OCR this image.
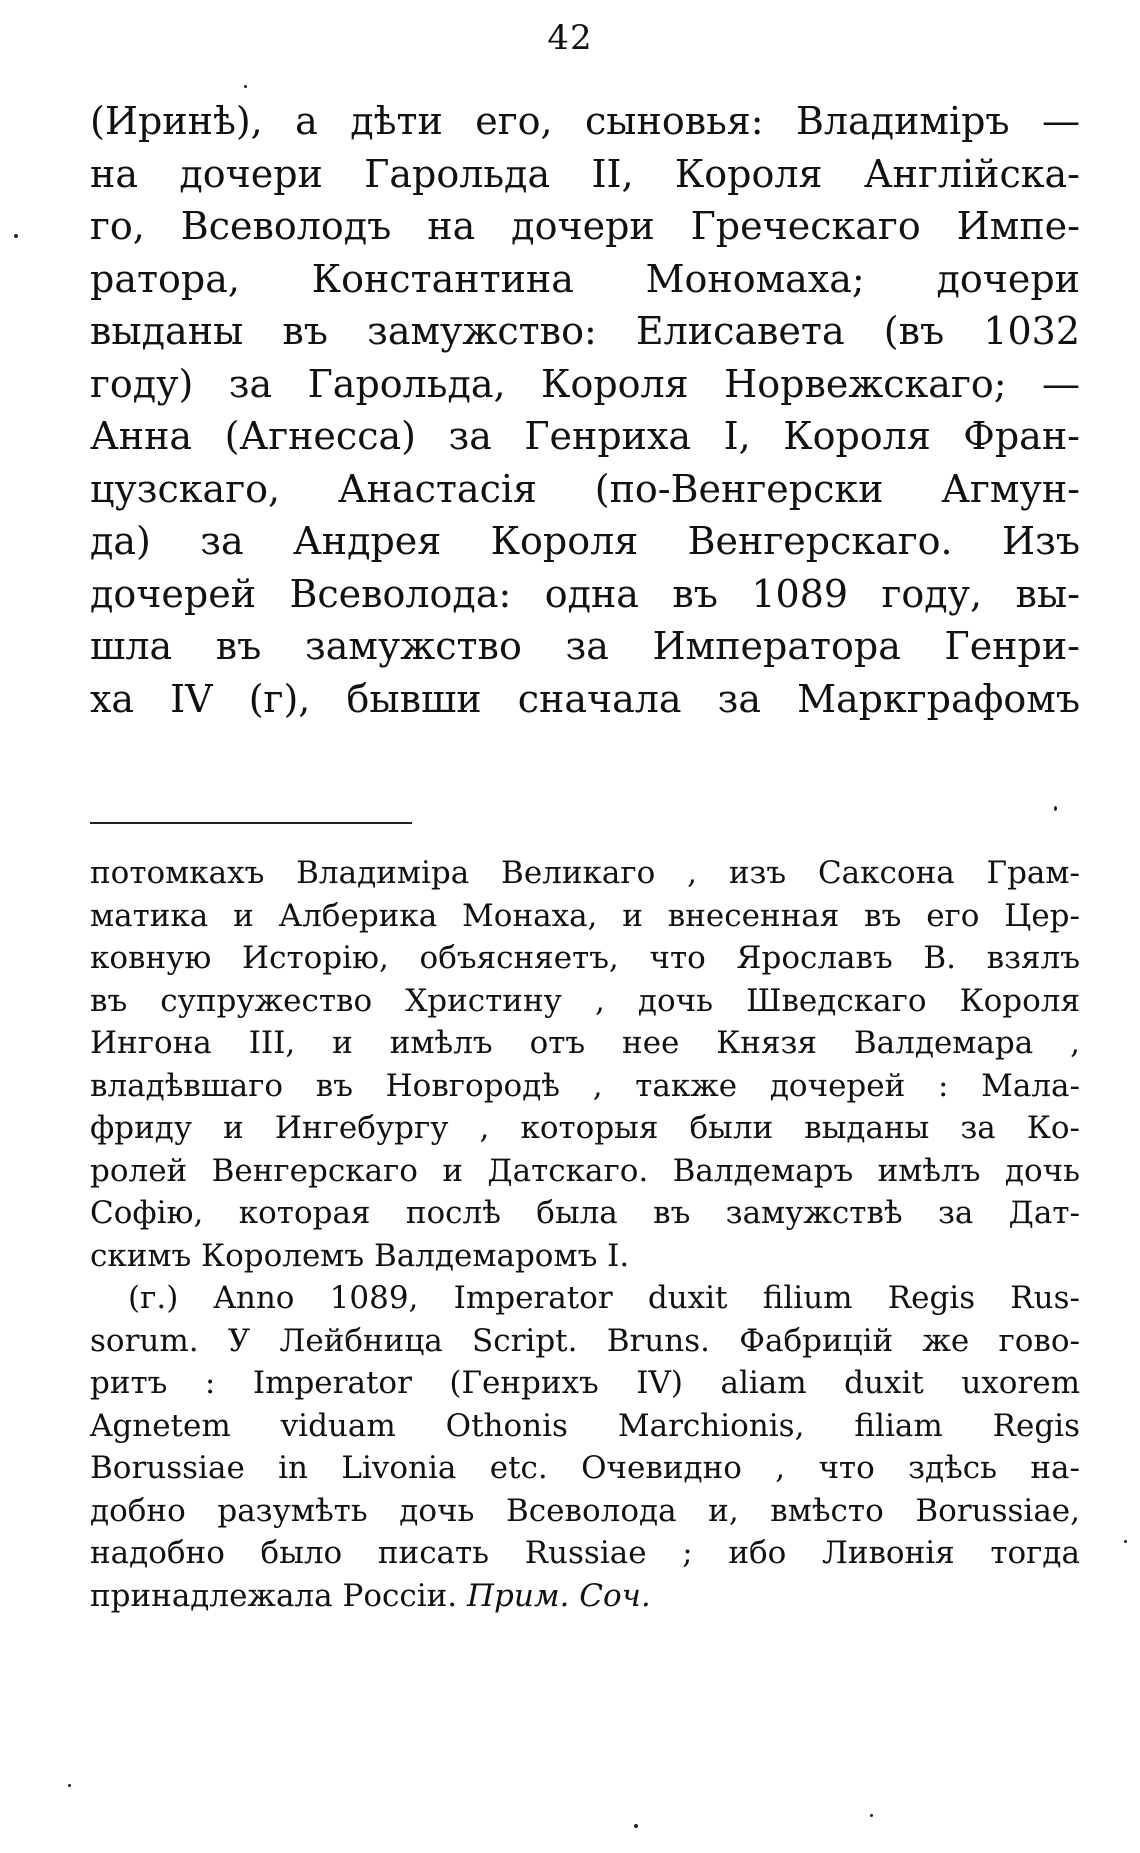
42
(Иринѣ), а дѣти его, сыновья: Владиміръ —
на дочери Гарольда II, Короля Англійска-
го, Всеволодъ на дочери Греческаго Импе-
ратора, Константина Мономаха; дочери
выданы въ замужство: Елисавета (въ 1032
году) за Гарольда, Короля Норвежскаго; —
Анна (Агнесса) за Генриха I, Короля Фран-
цузскаго, Анастасія (по-Венгерски Агмун-
да) за Андрея Короля Венгерскаго. Изъ
дочерей Всеволода: одна въ 1089 году, вы-
шла въ замужство за Императора Генри-
ха IV (г), бывши сначала за Маркграфомъ
потомкахъ Владиміра Великаго , изъ Саксона Грам-
матика и Алберика Монаха, и внесенная въ его Цер-
ковную Исторію, объясняетъ, что Ярославъ В. взялъ
въ супружество Христину , дочь Шведскаго Короля
Ингона III, и имѣлъ отъ нее Князя Валдемара ,
владѣвшаго въ Новгородѣ , также дочерей : Мала-
фриду и Ингебургу , которыя были выданы за Ко-
ролей Венгерскаго и Датскаго. Валдемаръ имѣлъ дочь
Софію, которая послѣ была въ замужствѣ за Дат-
скимъ Королемъ Валдемаромъ I.
(г.) Anno 1089, Imperator duxit filium Regis Rus-
sorum. У Лейбница Script. Bruns. Фабрицій же гово-
ритъ : Imperator (Генрихъ IV) aliam duxit uxorem
Agnetem viduam Othonis Marchionis, filiam Regis
Borussiae in Livonia etc. Очевидно , что здѣсь на-
добно разумѣть дочь Всеволода и, вмѣсто Borussiae,
надобно было писать Russiae ; ибо Ливонія тогда
принадлежала Россіи. Прим. Соч.
